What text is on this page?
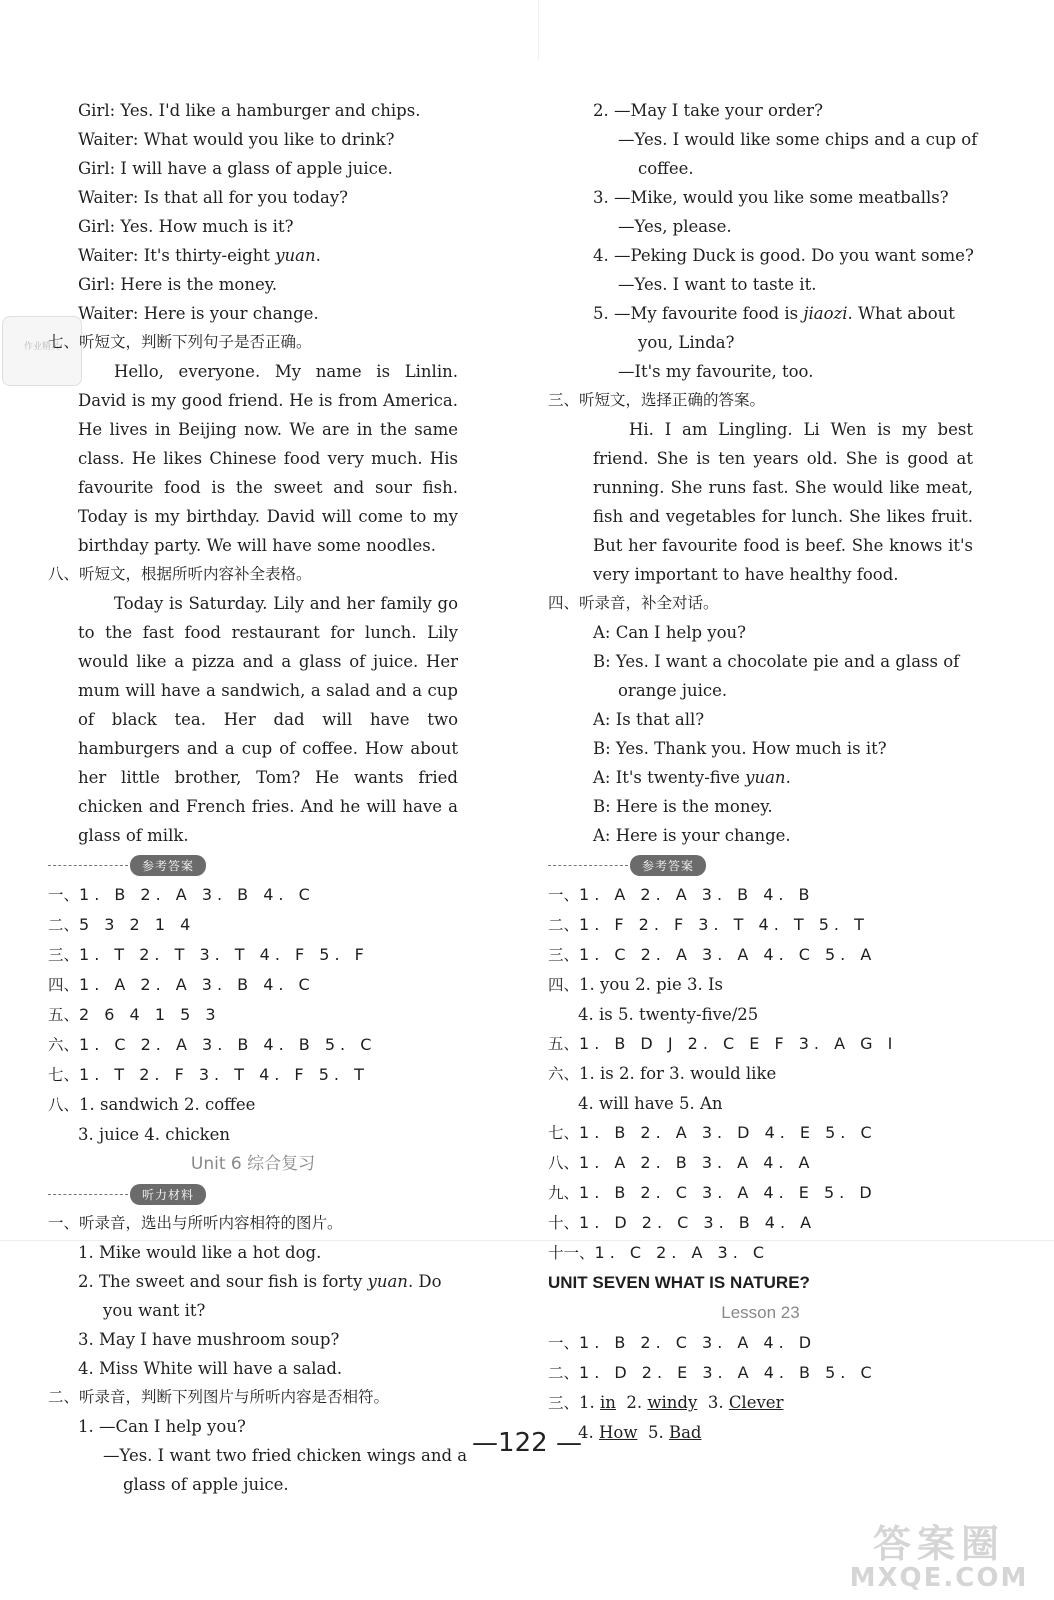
作业精灵
Girl: Yes. I'd like a hamburger and chips.
Waiter: What would you like to drink?
Girl: I will have a glass of apple juice.
Waiter: Is that all for you today?
Girl: Yes. How much is it?
Waiter: It's thirty-eight yuan.
Girl: Here is the money.
Waiter: Here is your change.
七、听短文，判断下列句子是否正确。
Hello, everyone. My name is Linlin. David is my good friend. He is from America. He lives in Beijing now. We are in the same class. He likes Chinese food very much. His favourite food is the sweet and sour fish. Today is my birthday. David will come to my birthday party. We will have some noodles.
八、听短文，根据所听内容补全表格。
Today is Saturday. Lily and her family go to the fast food restaurant for lunch. Lily would like a pizza and a glass of juice. Her mum will have a sandwich, a salad and a cup of black tea. Her dad will have two hamburgers and a cup of coffee. How about her little brother, Tom? He wants fried chicken and French fries. And he will have a glass of milk.
参考答案
一、1. B 2. A 3. B 4. C
二、5 3 2 1 4
三、1. T 2. T 3. T 4. F 5. F
四、1. A 2. A 3. B 4. C
五、2 6 4 1 5 3
六、1. C 2. A 3. B 4. B 5. C
七、1. T 2. F 3. T 4. F 5. T
八、1. sandwich 2. coffee
3. juice 4. chicken
Unit 6 综合复习
听力材料
一、听录音，选出与所听内容相符的图片。
1. Mike would like a hot dog.
2. The sweet and sour fish is forty yuan. Do
you want it?
3. May I have mushroom soup?
4. Miss White will have a salad.
二、听录音，判断下列图片与所听内容是否相符。
1. —Can I help you?
—Yes. I want two fried chicken wings and a
glass of apple juice.
2. —May I take your order?
—Yes. I would like some chips and a cup of
coffee.
3. —Mike, would you like some meatballs?
—Yes, please.
4. —Peking Duck is good. Do you want some?
—Yes. I want to taste it.
5. —My favourite food is jiaozi. What about
you, Linda?
—It's my favourite, too.
三、听短文，选择正确的答案。
Hi. I am Lingling. Li Wen is my best friend. She is ten years old. She is good at running. She runs fast. She would like meat, fish and vegetables for lunch. She likes fruit. But her favourite food is beef. She knows it's very important to have healthy food.
四、听录音，补全对话。
A: Can I help you?
B: Yes. I want a chocolate pie and a glass of
orange juice.
A: Is that all?
B: Yes. Thank you. How much is it?
A: It's twenty-five yuan.
B: Here is the money.
A: Here is your change.
参考答案
一、1. A 2. A 3. B 4. B
二、1. F 2. F 3. T 4. T 5. T
三、1. C 2. A 3. A 4. C 5. A
四、1. you 2. pie 3. Is
4. is 5. twenty-five/25
五、1. B D J 2. C E F 3. A G I
六、1. is 2. for 3. would like
4. will have 5. An
七、1. B 2. A 3. D 4. E 5. C
八、1. A 2. B 3. A 4. A
九、1. B 2. C 3. A 4. E 5. D
十、1. D 2. C 3. B 4. A
十一、1. C 2. A 3. C
UNIT SEVEN WHAT IS NATURE?
Lesson 23
一、1. B 2. C 3. A 4. D
二、1. D 2. E 3. A 4. B 5. C
三、1. in  2. windy  3. Clever
4. How  5. Bad
—122 —
答案圈
MXQE.COM
